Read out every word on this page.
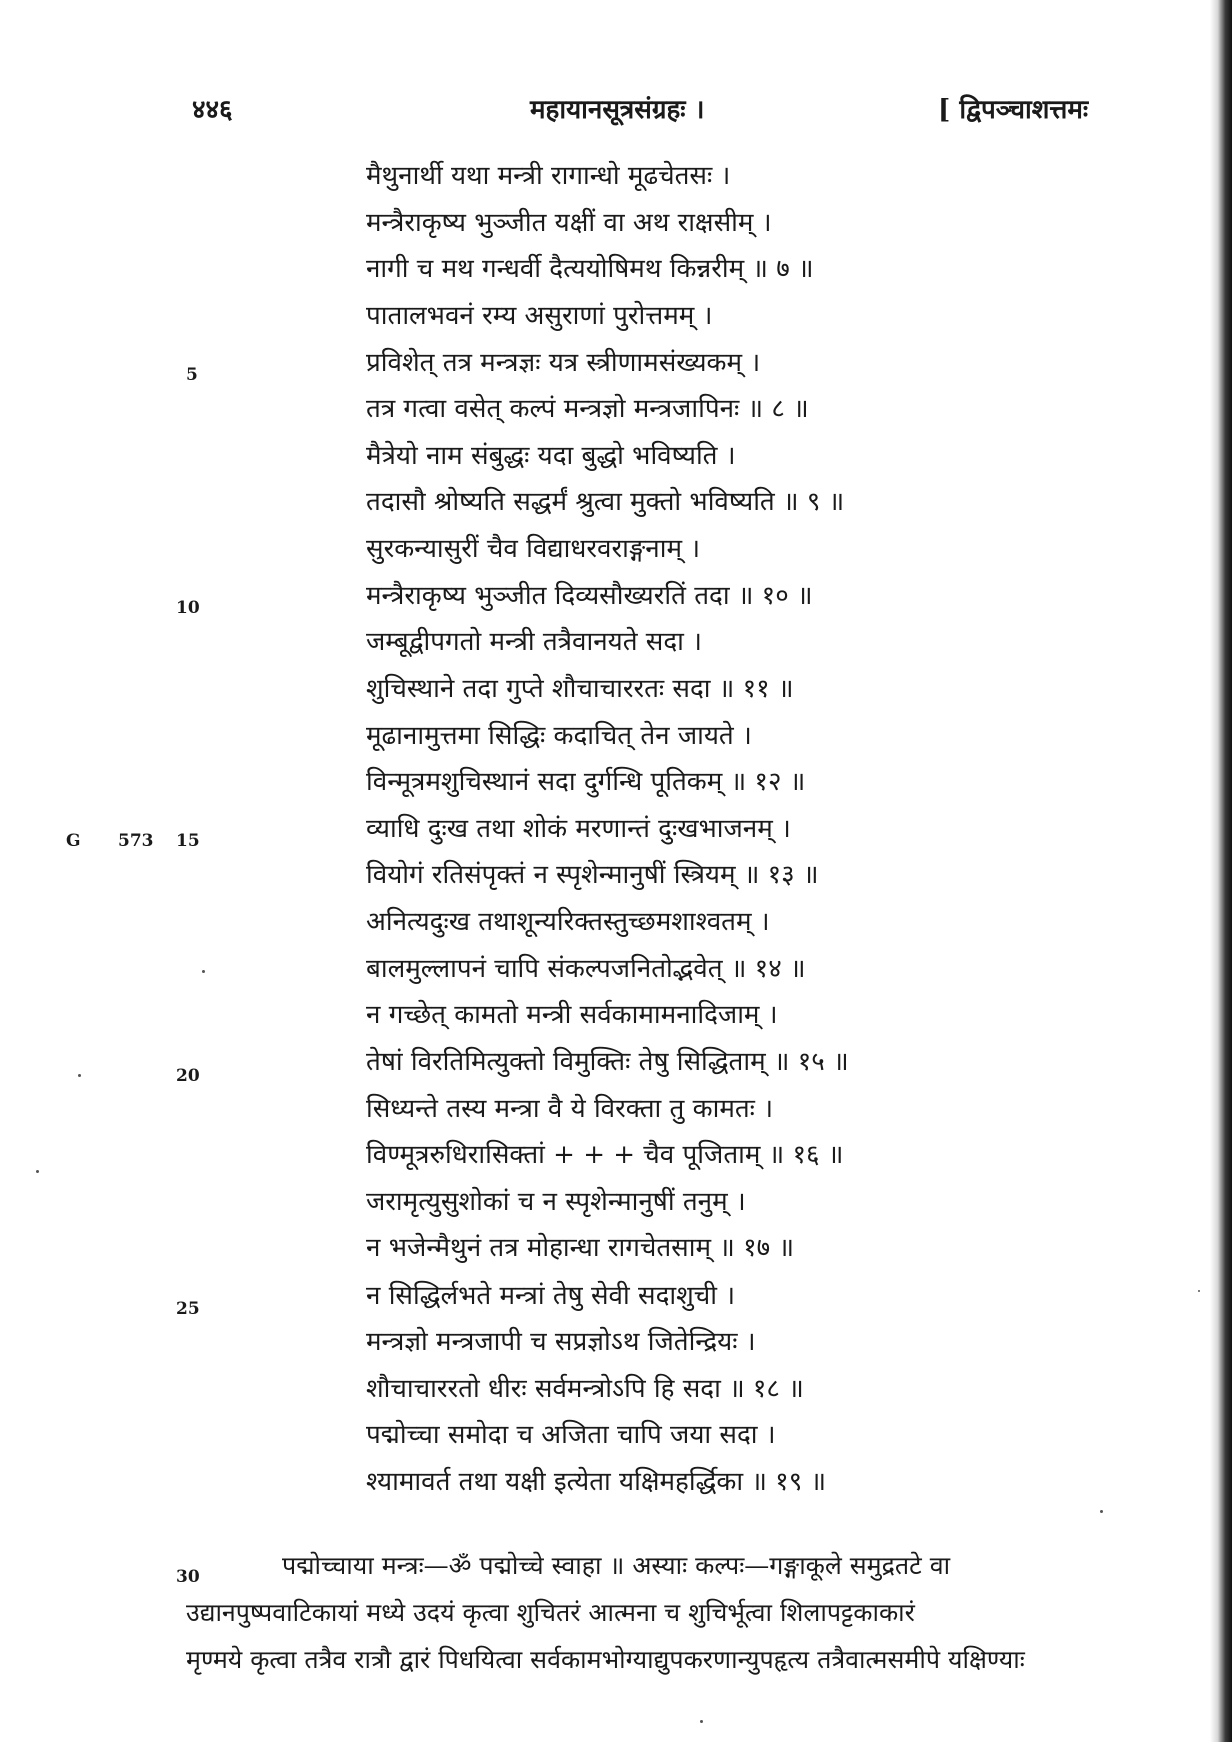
४४६	महायानसूत्रसंग्रहः ।	[ द्विपञ्चाशत्तमः
5
10
G 573 15
20
25
30
मैथुनार्थी यथा मन्त्री रागान्धो मूढचेतसः ।
मन्त्रैराकृष्य भुञ्जीत यक्षीं वा अथ राक्षसीम् ।
नागी च मथ गन्धर्वी दैत्ययोषिमथ किन्नरीम् ॥ ७ ॥
पातालभवनं रम्य असुराणां पुरोत्तमम् ।
प्रविशेत् तत्र मन्त्रज्ञः यत्र स्त्रीणामसंख्यकम् ।
तत्र गत्वा वसेत् कल्पं मन्त्रज्ञो मन्त्रजापिनः ॥ ८ ॥
मैत्रेयो नाम संबुद्धः यदा बुद्धो भविष्यति ।
तदासौ श्रोष्यति सद्धर्मं श्रुत्वा मुक्तो भविष्यति ॥ ९ ॥
सुरकन्यासुरीं चैव विद्याधरवराङ्गनाम् ।
मन्त्रैराकृष्य भुञ्जीत दिव्यसौख्यरतिं तदा ॥ १० ॥
जम्बूद्वीपगतो मन्त्री तत्रैवानयते सदा ।
शुचिस्थाने तदा गुप्ते शौचाचाररतः सदा ॥ ११ ॥
मूढानामुत्तमा सिद्धिः कदाचित् तेन जायते ।
विन्मूत्रमशुचिस्थानं सदा दुर्गन्धि पूतिकम् ॥ १२ ॥
व्याधि दुःख तथा शोकं मरणान्तं दुःखभाजनम् ।
वियोगं रतिसंपृक्तं न स्पृशेन्मानुषीं स्त्रियम् ॥ १३ ॥
अनित्यदुःख तथाशून्यरिक्तस्तुच्छमशाश्वतम् ।
बालमुल्लापनं चापि संकल्पजनितोद्भवेत् ॥ १४ ॥
न गच्छेत् कामतो मन्त्री सर्वकामामनादिजाम् ।
तेषां विरतिमित्युक्तो विमुक्तिः तेषु सिद्धिताम् ॥ १५ ॥
सिध्यन्ते तस्य मन्त्रा वै ये विरक्ता तु कामतः ।
विण्मूत्ररुधिरासिक्तां + + + चैव पूजिताम् ॥ १६ ॥
जरामृत्युसुशोकां च न स्पृशेन्मानुषीं तनुम् ।
न भजेन्मैथुनं तत्र मोहान्धा रागचेतसाम् ॥ १७ ॥
न सिद्धिर्लभते मन्त्रां तेषु सेवी सदाशुची ।
मन्त्रज्ञो मन्त्रजापी च सप्रज्ञोऽथ जितेन्द्रियः ।
शौचाचाररतो धीरः सर्वमन्त्रोऽपि हि सदा ॥ १८ ॥
पद्मोच्चा समोदा च अजिता चापि जया सदा ।
श्यामावर्त तथा यक्षी इत्येता यक्षिमहर्द्धिका ॥ १९ ॥
पद्मोच्चाया मन्त्रः—ॐ पद्मोच्चे स्वाहा ॥ अस्याः कल्पः—गङ्गाकूले समुद्रतटे वा
उद्यानपुष्पवाटिकायां मध्ये उदयं कृत्वा शुचितरं आत्मना च शुचिर्भूत्वा शिलापट्टकाकारं
मृण्मये कृत्वा तत्रैव रात्रौ द्वारं पिधयित्वा सर्वकामभोग्याद्युपकरणान्युपहृत्य तत्रैवात्मसमीपे यक्षिण्याः
